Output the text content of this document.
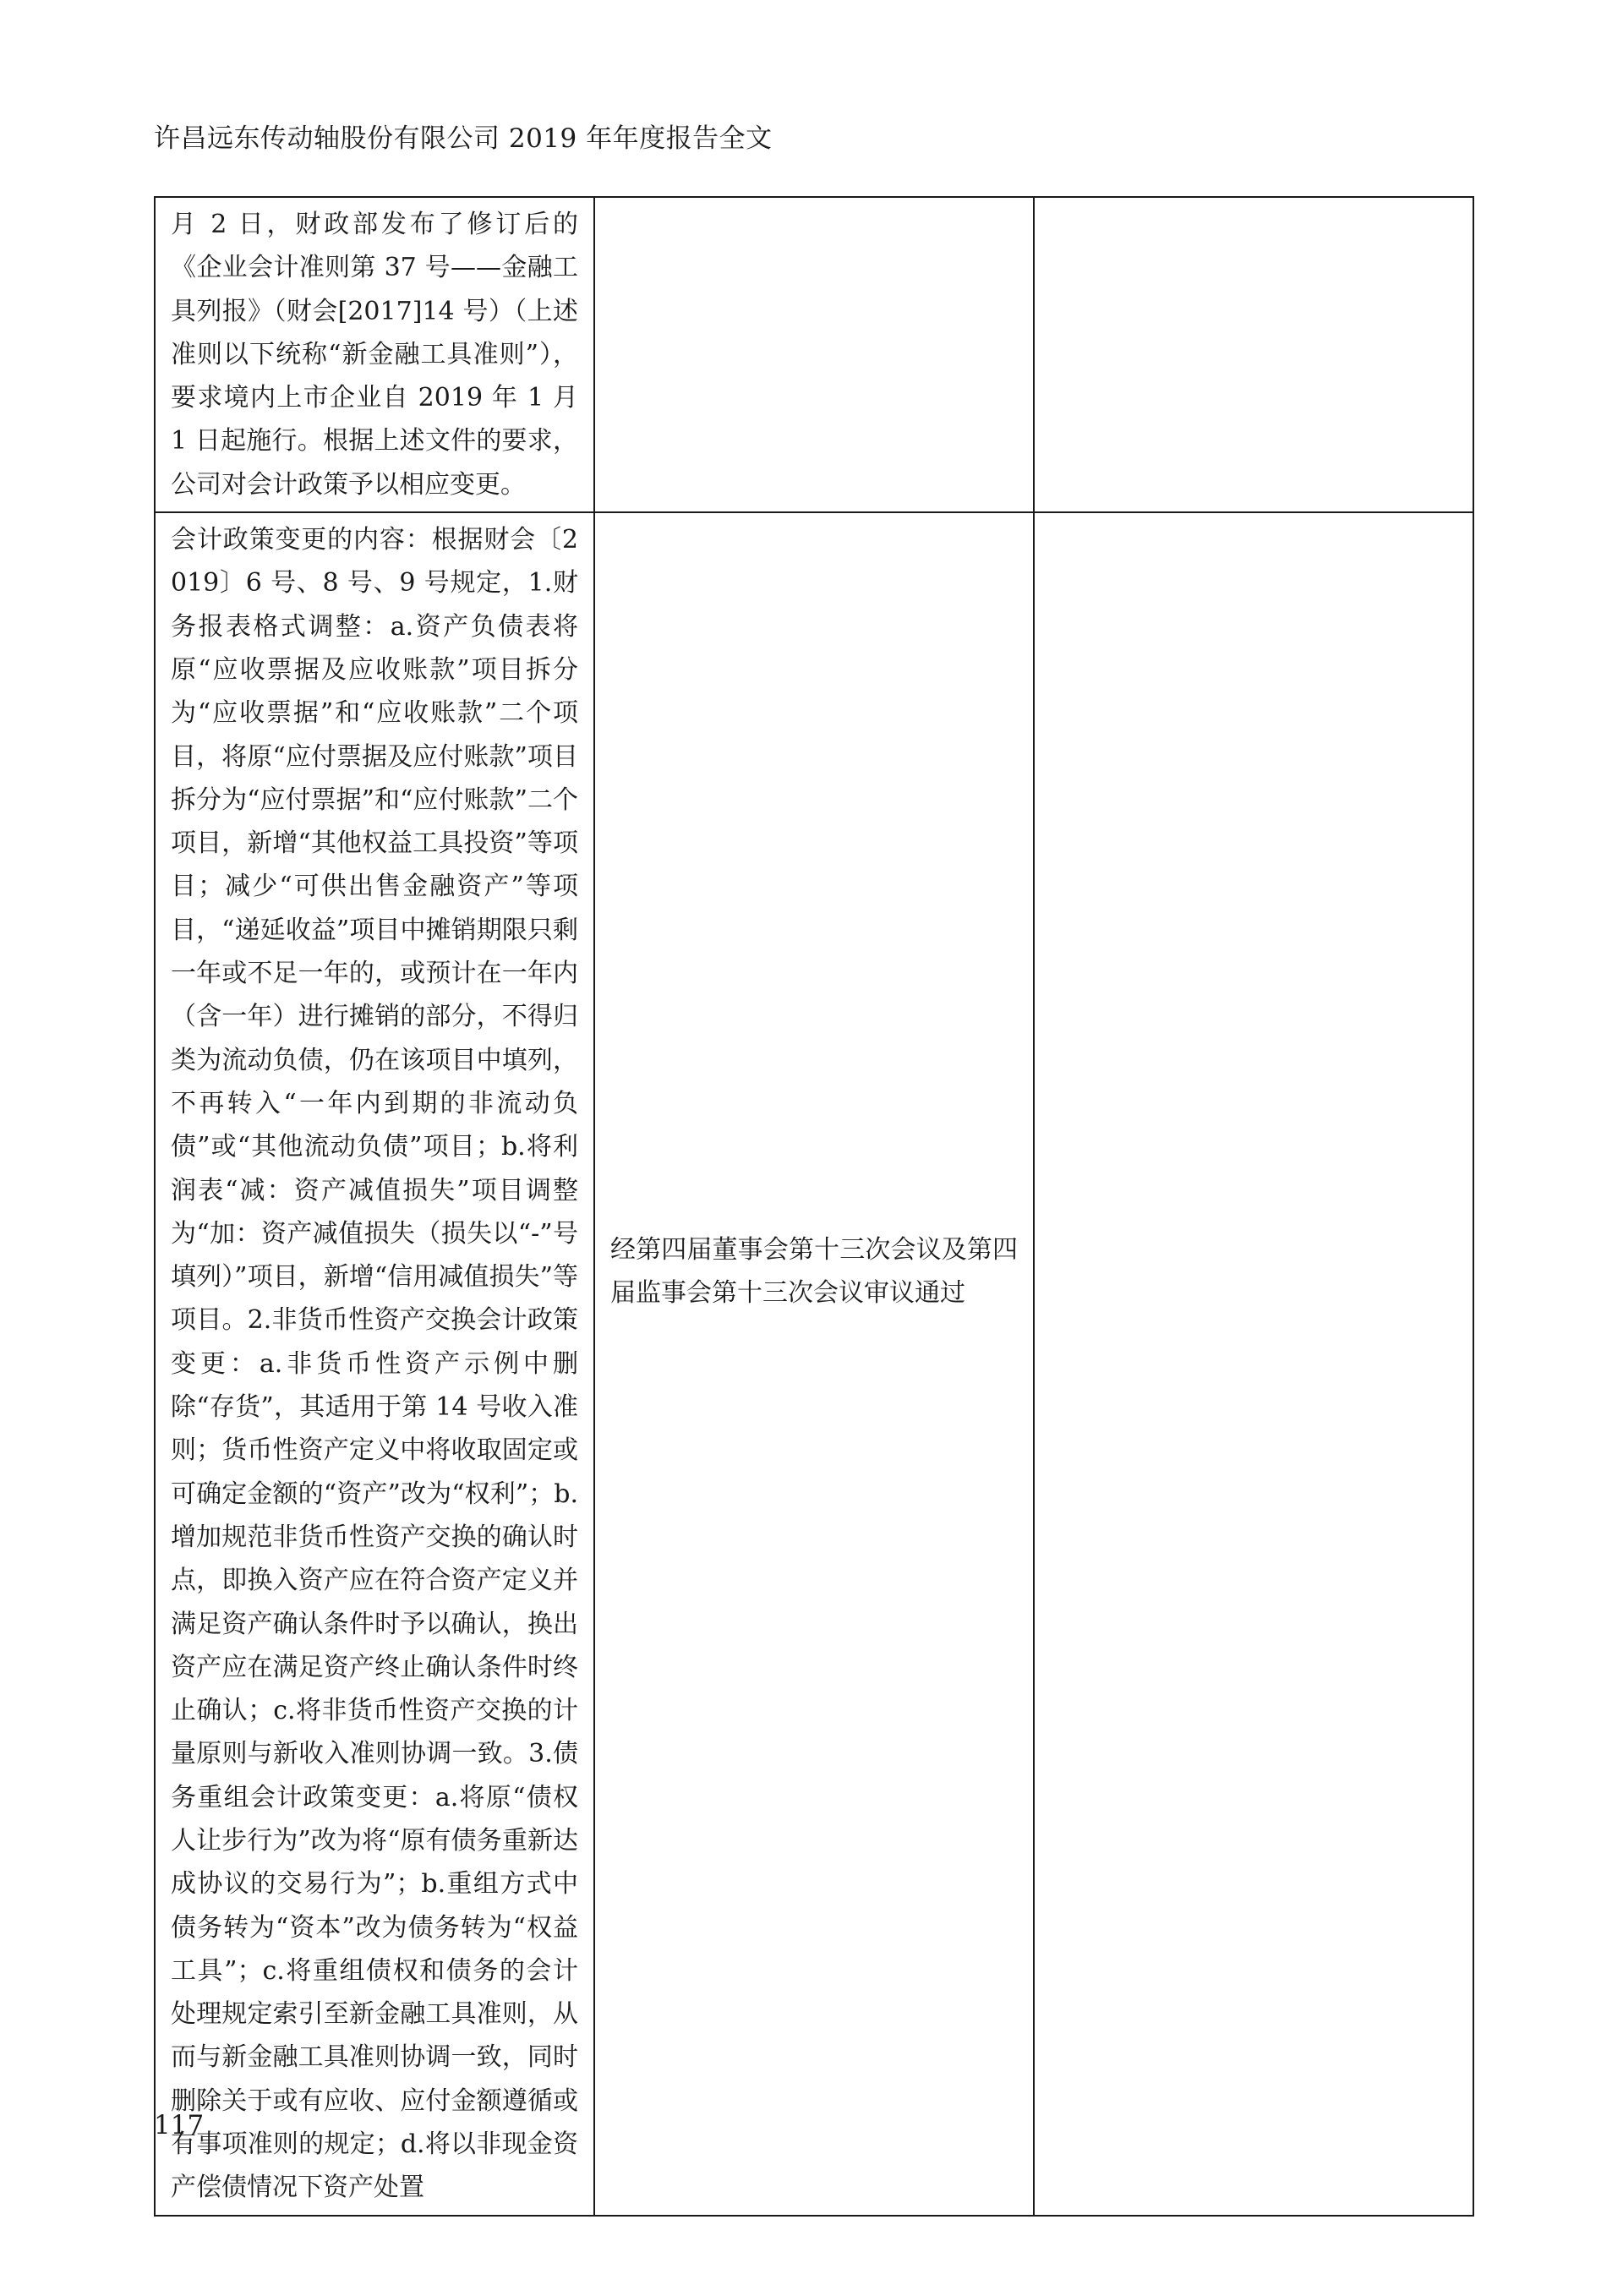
许昌远东传动轴股份有限公司 2019 年年度报告全文
月 2 日，财政部发布了修订后的《企业会计准则第 37 号——金融工具列报》（财会[2017]14 号）（上述准则以下统称“新金融工具准则”），要求境内上市企业自 2019 年 1 月 1 日起施行。根据上述文件的要求，公司对会计政策予以相应变更。		
会计政策变更的内容：根据财会〔2019〕6 号、8 号、9 号规定，1.财务报表格式调整：a.资产负债表将原“应收票据及应收账款”项目拆分为“应收票据”和“应收账款”二个项目，将原“应付票据及应付账款”项目拆分为“应付票据”和“应付账款”二个项目，新增“其他权益工具投资”等项目；减少“可供出售金融资产”等项目，“递延收益”项目中摊销期限只剩一年或不足一年的，或预计在一年内（含一年）进行摊销的部分，不得归类为流动负债，仍在该项目中填列，不再转入“一年内到期的非流动负债”或“其他流动负债”项目；b.将利润表“减：资产减值损失”项目调整为“加：资产减值损失（损失以“-”号填列）”项目，新增“信用减值损失”等项目。2.非货币性资产交换会计政策变更：a.非货币性资产示例中删除“存货”，其适用于第 14 号收入准则；货币性资产定义中将收取固定或可确定金额的“资产”改为“权利”；b.增加规范非货币性资产交换的确认时点，即换入资产应在符合资产定义并满足资产确认条件时予以确认，换出资产应在满足资产终止确认条件时终止确认；c.将非货币性资产交换的计量原则与新收入准则协调一致。3.债务重组会计政策变更：a.将原“债权人让步行为”改为将“原有债务重新达成协议的交易行为”；b.重组方式中债务转为“资本”改为债务转为“权益工具”；c.将重组债权和债务的会计处理规定索引至新金融工具准则，从而与新金融工具准则协调一致，同时删除关于或有应收、应付金额遵循或有事项准则的规定；d.将以非现金资产偿债情况下资产处置	经第四届董事会第十三次会议及第四届监事会第十三次会议审议通过	

117
